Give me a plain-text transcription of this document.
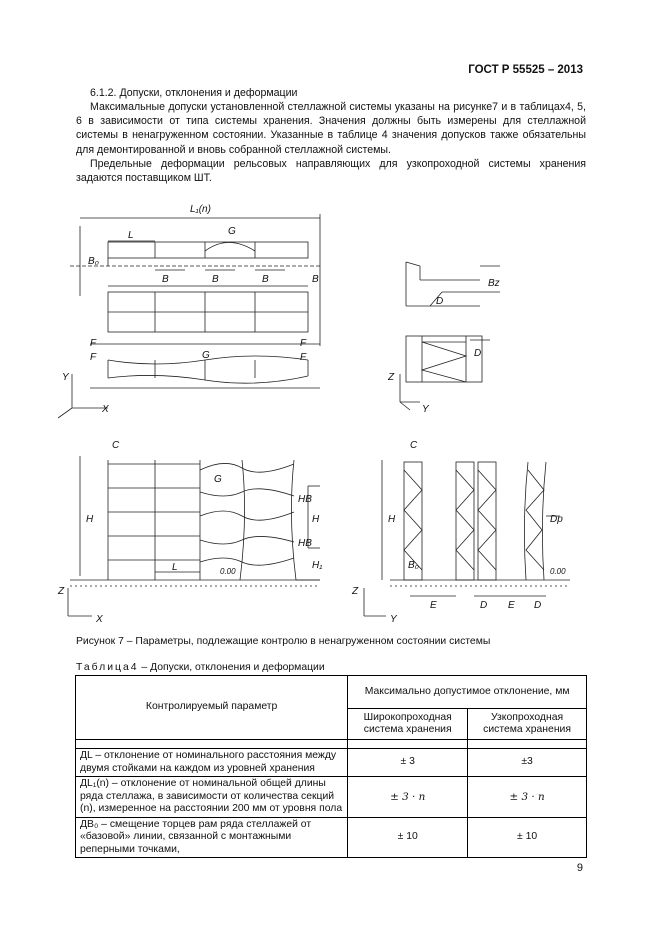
ГОСТ Р 55525 – 2013
6.1.2. Допуски, отклонения и деформации
Максимальные допуски установленной стеллажной системы указаны на рисунке7 и в таблицах4, 5, 6 в зависимости от типа системы хранения. Значения должны быть измерены для стеллажной системы в ненагруженном состоянии. Указанные в таблице 4 значения допусков также обязательны для демонтированной и вновь собранной стеллажной системы.
Предельные деформации рельсовых направляющих для узкопроходной системы хранения задаются поставщиком ШТ.
L₁(n)
L	G
B₀
B	B	B	B
F
F
F
F
G
Y
X
Bz
D
D
Z
Y
C
H
L
G
HB
HB
H
H₁
0.00
Z
X
C
H
B₀
E	D E D
Dp
0.00
Z
Y
Рисунок 7 – Параметры, подлежащие контролю в ненагруженном состоянии системы
Таблица4 – Допуски, отклонения и деформации
Контролируемый параметр	Максимально допустимое отклонение, мм	
	Широкопроходная система хранения	Узкопроходная система хранения

ДL – отклонение от номинального расстояния между двумя стойками на каждом из уровней хранения	± 3	±3
ДL₁(n) – отклонение от номинальной общей длины ряда стеллажа, в зависимости от количества секций (n), измеренное на расстоянии 200 мм от уровня пола	± 3 · n	± 3 · n
ДB₀ – смещение торцев рам ряда стеллажей от «базовой» линии, связанной с монтажными реперными точками,	± 10	± 10
9
